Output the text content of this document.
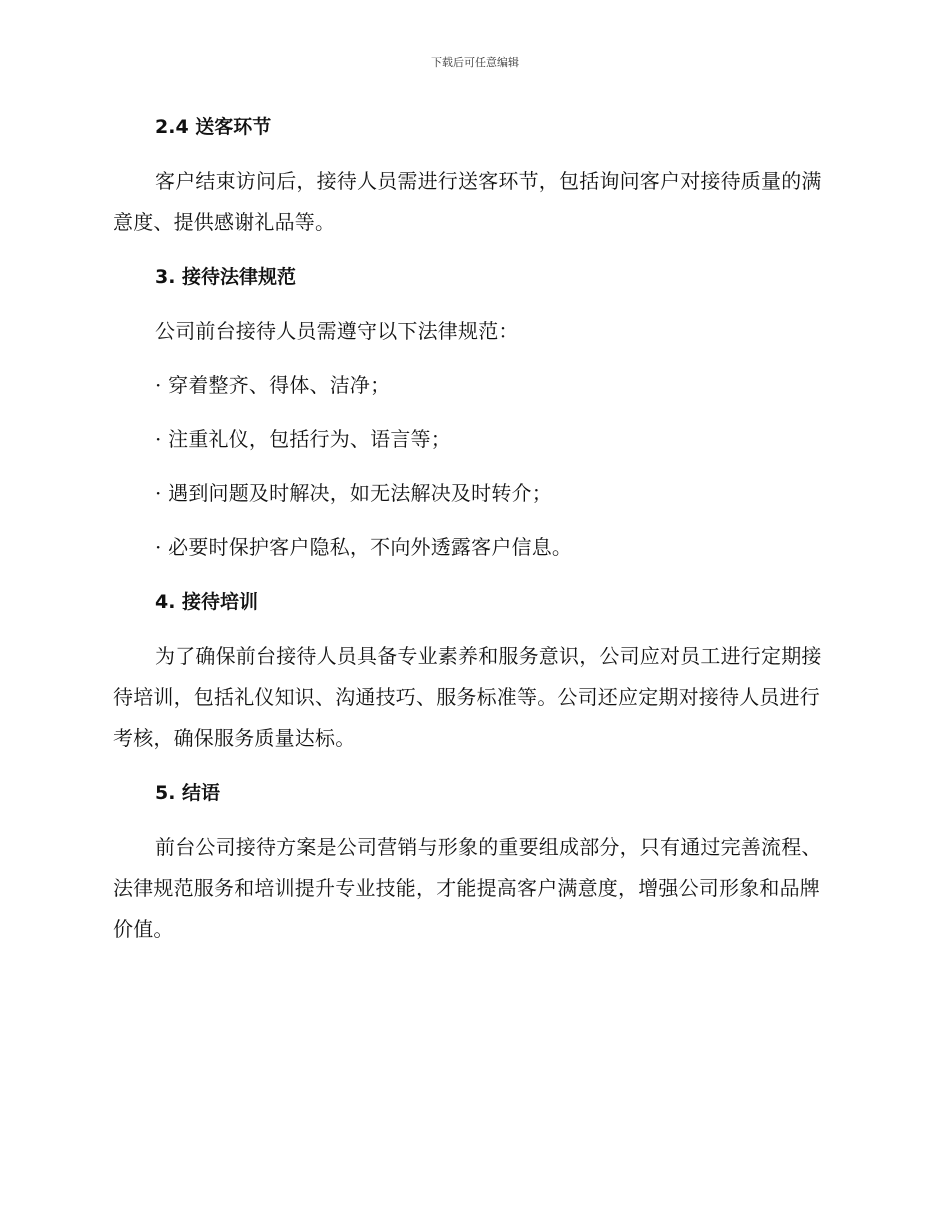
下载后可任意编辑
2.4 送客环节

客户结束访问后，接待人员需进行送客环节，包括询问客户对接待质量的满意度、提供感谢礼品等。

3. 接待法律规范

公司前台接待人员需遵守以下法律规范：

· 穿着整齐、得体、洁净；
· 注重礼仪，包括行为、语言等；
· 遇到问题及时解决，如无法解决及时转介；
· 必要时保护客户隐私，不向外透露客户信息。
4. 接待培训

为了确保前台接待人员具备专业素养和服务意识，公司应对员工进行定期接待培训，包括礼仪知识、沟通技巧、服务标准等。公司还应定期对接待人员进行考核，确保服务质量达标。

5. 结语

前台公司接待方案是公司营销与形象的重要组成部分，只有通过完善流程、法律规范服务和培训提升专业技能，才能提高客户满意度，增强公司形象和品牌价值。
